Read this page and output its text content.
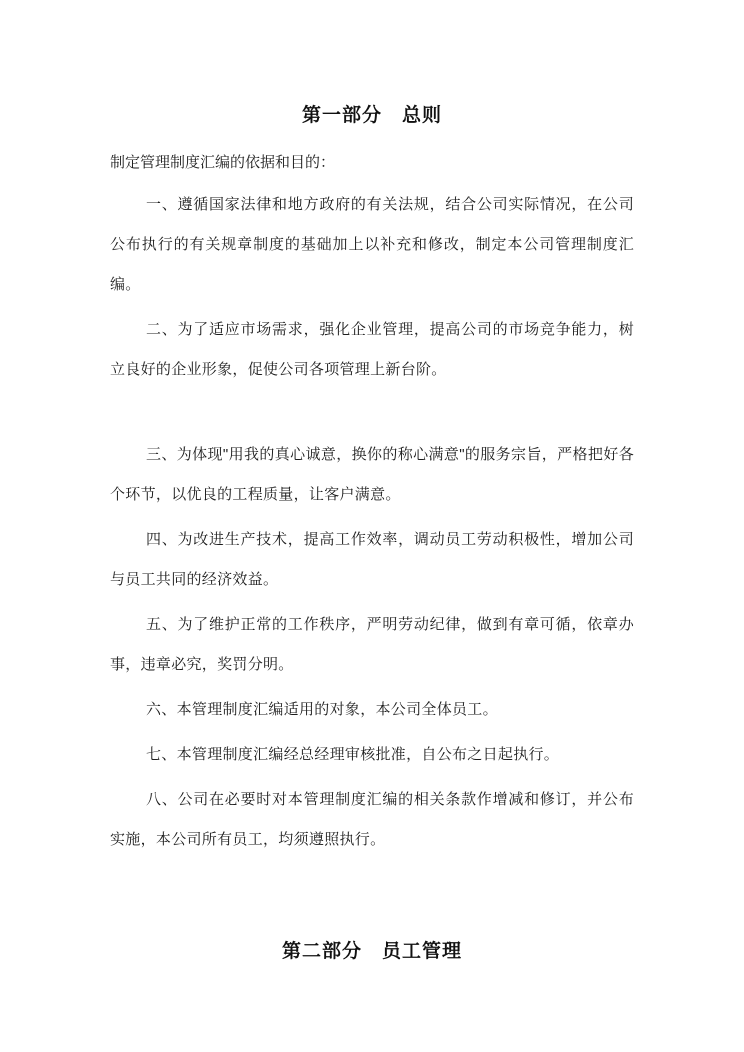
第一部分　总则

制定管理制度汇编的依据和目的：

一、遵循国家法律和地方政府的有关法规，结合公司实际情况，在公司公布执行的有关规章制度的基础加上以补充和修改，制定本公司管理制度汇编。

二、为了适应市场需求，强化企业管理，提高公司的市场竞争能力，树立良好的企业形象，促使公司各项管理上新台阶。

三、为体现"用我的真心诚意，换你的称心满意"的服务宗旨，严格把好各个环节，以优良的工程质量，让客户满意。

四、为改进生产技术，提高工作效率，调动员工劳动积极性，增加公司与员工共同的经济效益。

五、为了维护正常的工作秩序，严明劳动纪律，做到有章可循，依章办事，违章必究，奖罚分明。

六、本管理制度汇编适用的对象，本公司全体员工。

七、本管理制度汇编经总经理审核批准，自公布之日起执行。

八、公司在必要时对本管理制度汇编的相关条款作增减和修订，并公布实施，本公司所有员工，均须遵照执行。

第二部分　员工管理
